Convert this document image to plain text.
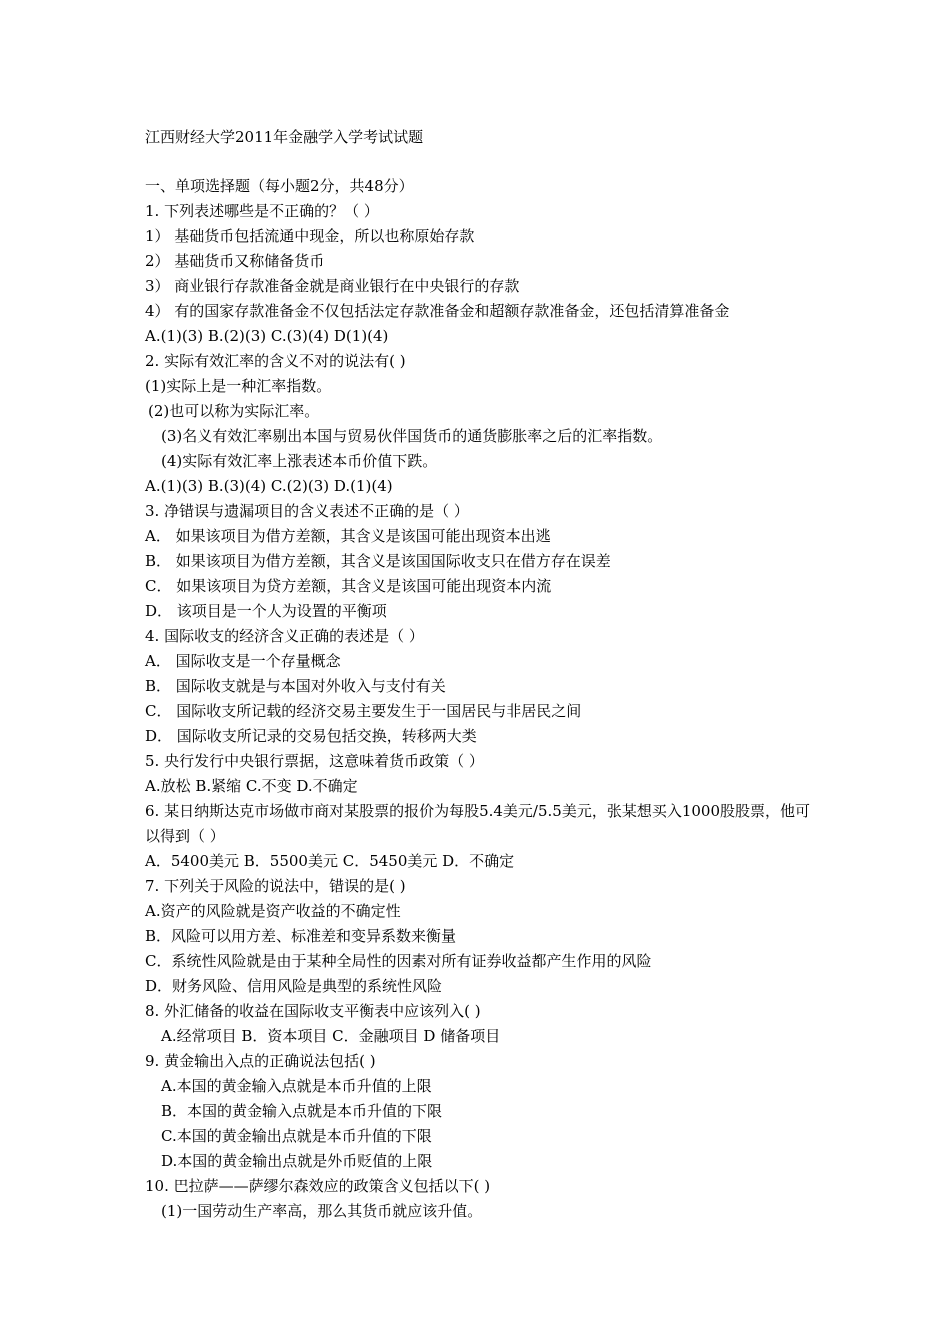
江西财经大学2011年金融学入学考试试题
一、单项选择题（每小题2分，共48分）
1. 下列表述哪些是不正确的？（ ）
1） 基础货币包括流通中现金，所以也称原始存款
2） 基础货币又称储备货币
3） 商业银行存款准备金就是商业银行在中央银行的存款
4） 有的国家存款准备金不仅包括法定存款准备金和超额存款准备金，还包括清算准备金
A.(1)(3) B.(2)(3) C.(3)(4) D(1)(4)
2. 实际有效汇率的含义不对的说法有( )
(1)实际上是一种汇率指数。
(2)也可以称为实际汇率。
(3)名义有效汇率剔出本国与贸易伙伴国货币的通货膨胀率之后的汇率指数。
(4)实际有效汇率上涨表述本币价值下跌。
A.(1)(3) B.(3)(4) C.(2)(3) D.(1)(4)
3. 净错误与遗漏项目的含义表述不正确的是（ ）
A． 如果该项目为借方差额，其含义是该国可能出现资本出逃
B． 如果该项目为借方差额，其含义是该国国际收支只在借方存在误差
C． 如果该项目为贷方差额，其含义是该国可能出现资本内流
D． 该项目是一个人为设置的平衡项
4. 国际收支的经济含义正确的表述是（ ）
A． 国际收支是一个存量概念
B． 国际收支就是与本国对外收入与支付有关
C． 国际收支所记载的经济交易主要发生于一国居民与非居民之间
D． 国际收支所记录的交易包括交换，转移两大类
5. 央行发行中央银行票据，这意味着货币政策（ ）
A.放松 B.紧缩 C.不变 D.不确定
6. 某日纳斯达克市场做市商对某股票的报价为每股5.4美元/5.5美元，张某想买入1000股股票，他可以得到（ ）
A．5400美元 B．5500美元 C．5450美元 D．不确定
7. 下列关于风险的说法中，错误的是( )
A.资产的风险就是资产收益的不确定性
B．风险可以用方差、标准差和变异系数来衡量
C．系统性风险就是由于某种全局性的因素对所有证券收益都产生作用的风险
D．财务风险、信用风险是典型的系统性风险
8. 外汇储备的收益在国际收支平衡表中应该列入( )
A.经常项目 B．资本项目 C．金融项目 D 储备项目
9. 黄金输出入点的正确说法包括( )
A.本国的黄金输入点就是本币升值的上限
B．本国的黄金输入点就是本币升值的下限
C.本国的黄金输出点就是本币升值的下限
D.本国的黄金输出点就是外币贬值的上限
10. 巴拉萨——萨缪尔森效应的政策含义包括以下( )
(1)一国劳动生产率高，那么其货币就应该升值。
